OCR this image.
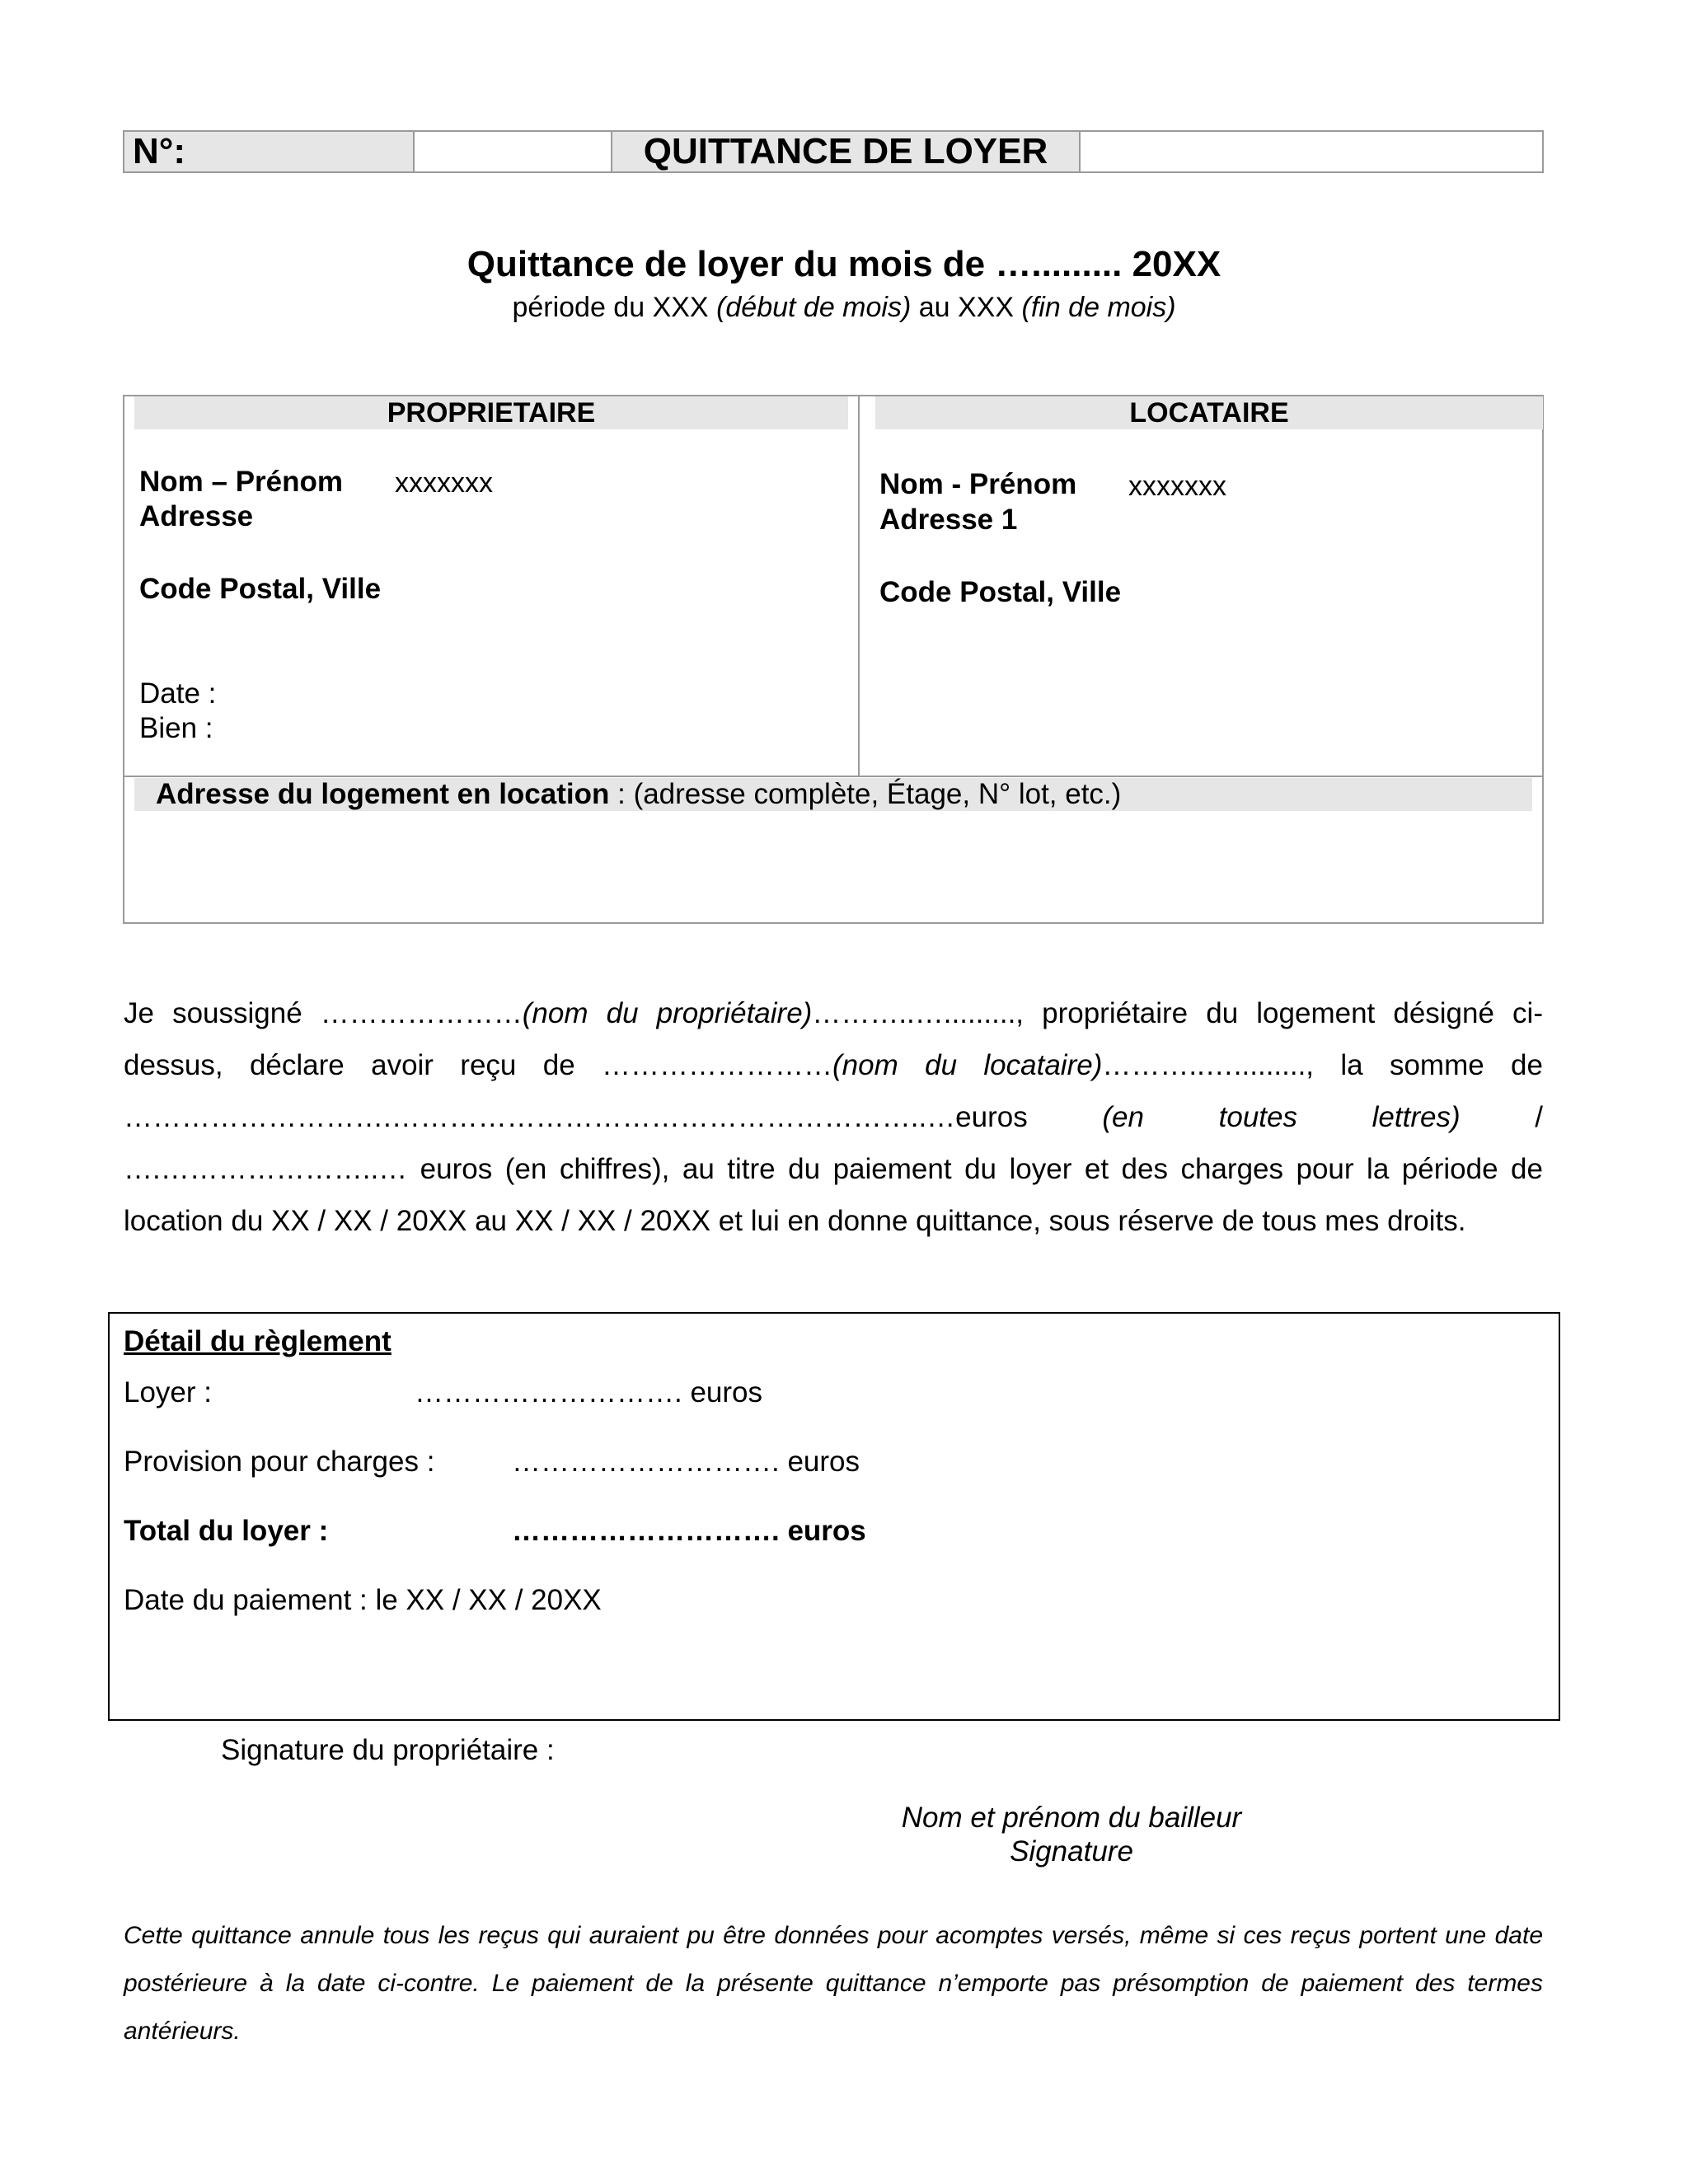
N°:	QUITTANCE DE LOYER
Quittance de loyer du mois de …......... 20XX
période du XXX (début de mois) au XXX (fin de mois)
PROPRIETAIRE
Nom – Prénom xxxxxxx
Adresse
Code Postal, Ville
Date :
Bien :
LOCATAIRE
Nom - Prénom xxxxxxx
Adresse 1
Code Postal, Ville
Adresse du logement en location : (adresse complète, Étage, N° lot, etc.)
Je soussigné …………………(nom du propriétaire)………..…........., propriétaire du logement désigné ci-dessus, déclare avoir reçu de ……………………(nom du locataire)………..…........., la somme de ……………………….………………………………………………..…euros (en toutes lettres) / ….…………………..… euros (en chiffres), au titre du paiement du loyer et des charges pour la période de location du XX / XX / 20XX au XX / XX / 20XX et lui en donne quittance, sous réserve de tous mes droits.
Détail du règlement
Loyer :	………………………. euros
Provision pour charges :	………………………. euros
Total du loyer :	………………………. euros
Date du paiement : le XX / XX / 20XX
Signature du propriétaire :
Nom et prénom du bailleur
Signature
Cette quittance annule tous les reçus qui auraient pu être données pour acomptes versés, même si ces reçus portent une date postérieure à la date ci-contre. Le paiement de la présente quittance n’emporte pas présomption de paiement des termes antérieurs.
